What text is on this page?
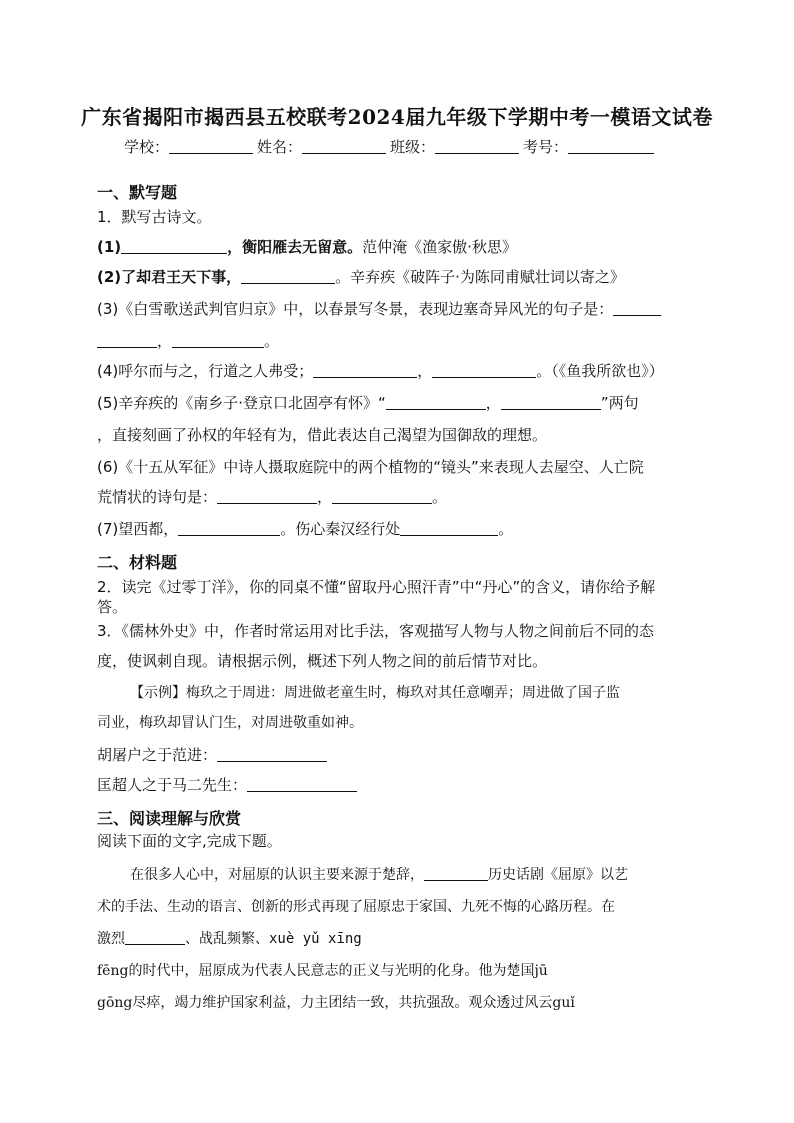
广东省揭阳市揭西县五校联考2024届九年级下学期中考一模语文试卷
学校：	姓名：	班级：	考号：
一、默写题
1．默写古诗文。
(1)	，衡阳雁去无留意。范仲淹《渔家傲·秋思》
(2)了却君王天下事，	。辛弃疾《破阵子·为陈同甫赋壮词以寄之》
(3)《白雪歌送武判官归京》中，以春景写冬景，表现边塞奇异风光的句子是：
，	。
(4)呼尔而与之，行道之人弗受；	，	。（《鱼我所欲也》）
(5)辛弃疾的《南乡子·登京口北固亭有怀》“	，	”两句
，直接刻画了孙权的年轻有为，借此表达自己渴望为国御敌的理想。
(6)《十五从军征》中诗人摄取庭院中的两个植物的“镜头”来表现人去屋空、人亡院
荒情状的诗句是：	，	。
(7)望西都，	。伤心秦汉经行处	。
二、材料题
2．读完《过零丁洋》，你的同桌不懂“留取丹心照汗青”中“丹心”的含义，请你给予解
答。
3．《儒林外史》中，作者时常运用对比手法，客观描写人物与人物之间前后不同的态
度，使讽刺自现。请根据示例，概述下列人物之间的前后情节对比。
【示例】梅玖之于周进：周进做老童生时，梅玖对其任意嘲弄；周进做了国子监
司业，梅玖却冒认门生，对周进敬重如神。
胡屠户之于范进：
匡超人之于马二先生：
三、阅读理解与欣赏
阅读下面的文字,完成下题。
在很多人心中，对屈原的认识主要来源于楚辞，	历史话剧《屈原》以艺
术的手法、生动的语言、创新的形式再现了屈原忠于家国、九死不悔的心路历程。在
激烈	、战乱频繁、xuè yǔ xīng
fēng的时代中，屈原成为代表人民意志的正义与光明的化身。他为楚国jū
gōng尽瘁，竭力维护国家利益，力主团结一致，共抗强敌。观众透过风云guǐ
